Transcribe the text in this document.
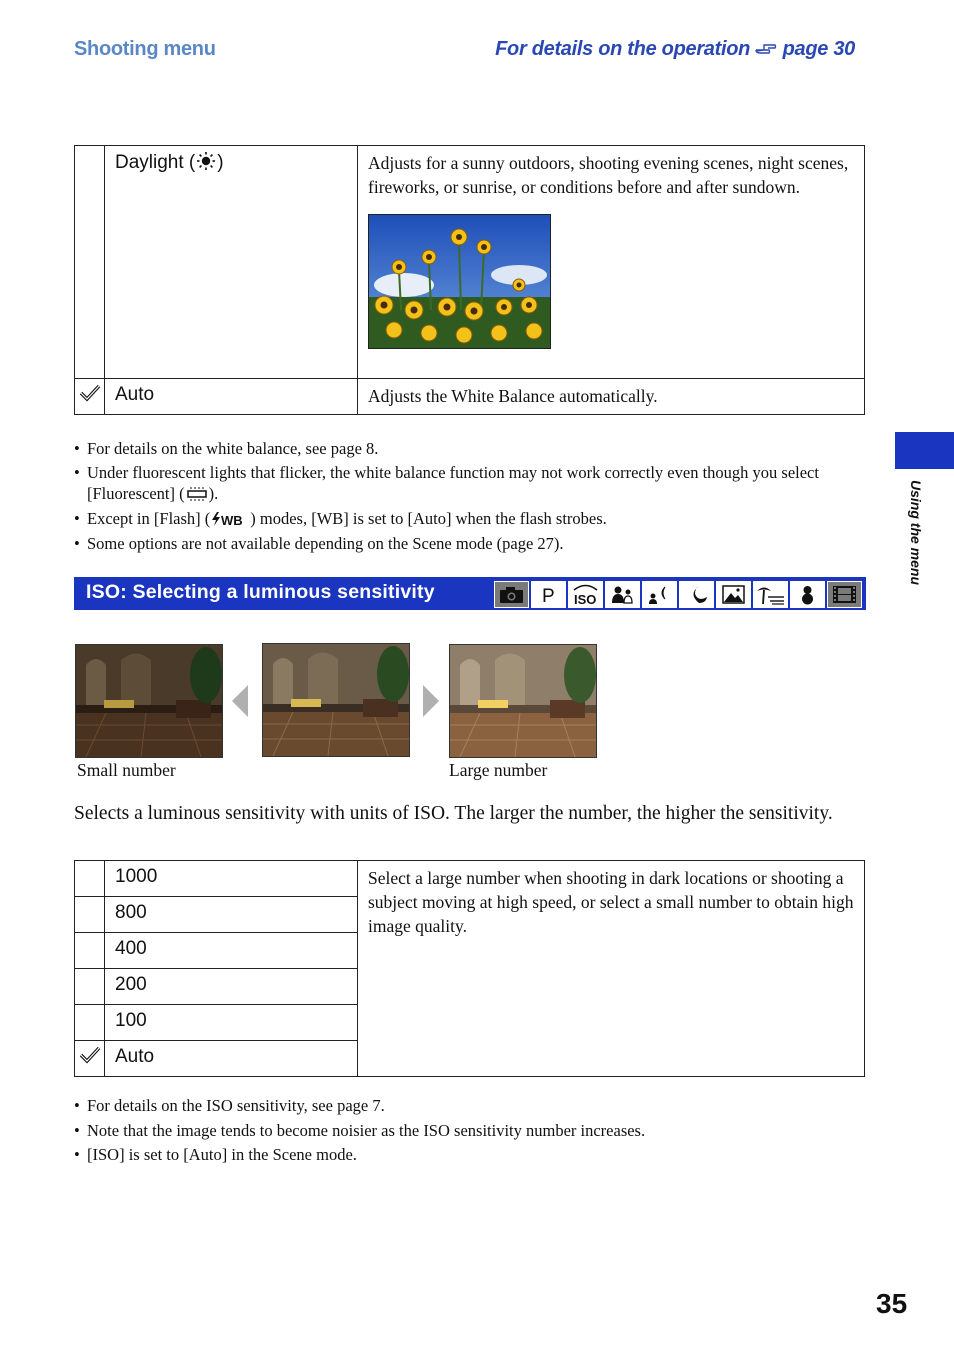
Shooting menu	For details on the operation page 30
	Daylight ( )	Adjusts for a sunny outdoors, shooting evening scenes, night scenes, fireworks, or sunrise, or conditions before and after sundown.

	Auto	Adjusts the White Balance automatically.
• For details on the white balance, see page 8.
• Under fluorescent lights that flicker, the white balance function may not work correctly even though you select [Fluorescent] ( ).
• Except in [Flash] ( WB ) modes, [WB] is set to [Auto] when the flash strobes.
• Some options are not available depending on the Scene mode (page 27).
ISO: Selecting a luminous sensitivity	P ISO
Using the menu
Small number	Large number
Selects a luminous sensitivity with units of ISO. The larger the number, the higher the sensitivity.
	1000	Select a large number when shooting in dark locations or shooting a subject moving at high speed, or select a small number to obtain high image quality.
	800	
	400	
	200	
	100	

	Auto	
• For details on the ISO sensitivity, see page 7.
• Note that the image tends to become noisier as the ISO sensitivity number increases.
• [ISO] is set to [Auto] in the Scene mode.
35
